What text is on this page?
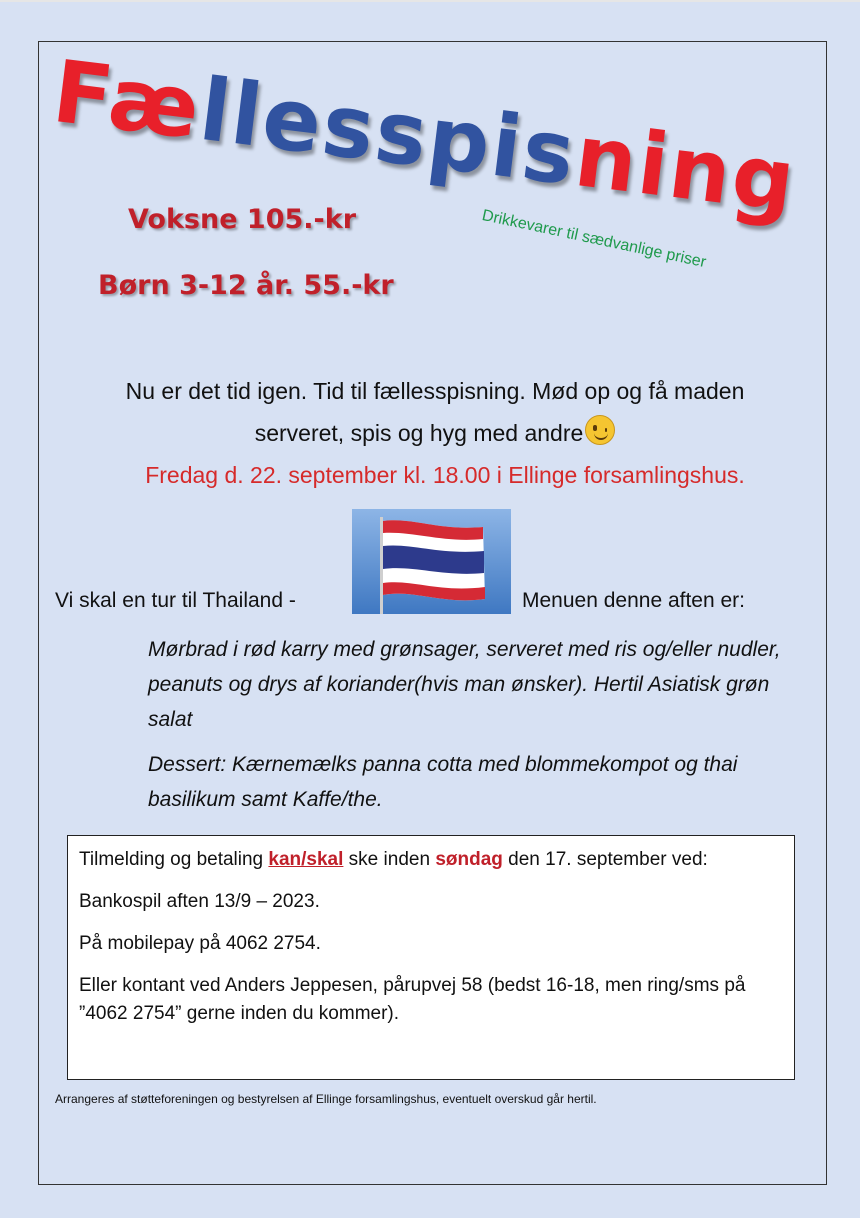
Fællesspisning
Voksne 105.-kr
Børn 3-12 år. 55.-kr
Drikkevarer til sædvanlige priser
Nu er det tid igen. Tid til fællesspisning. Mød op og få maden
serveret, spis og hyg med andre
Fredag d. 22. september kl. 18.00 i Ellinge forsamlingshus.
Vi skal en tur til Thailand -	Menuen denne aften er:

Mørbrad i rød karry med grønsager, serveret med ris og/eller nudler, peanuts og drys af koriander(hvis man ønsker). Hertil Asiatisk grøn salat

Dessert: Kærnemælks panna cotta med blommekompot og thai basilikum samt Kaffe/the.

Tilmelding og betaling kan/skal ske inden søndag den 17. september ved:

Bankospil aften 13/9 – 2023.

På mobilepay på 4062 2754.

Eller kontant ved Anders Jeppesen, pårupvej 58 (bedst 16-18, men ring/sms på ”4062 2754” gerne inden du kommer).

Arrangeres af støtteforeningen og bestyrelsen af Ellinge forsamlingshus, eventuelt overskud går hertil.
